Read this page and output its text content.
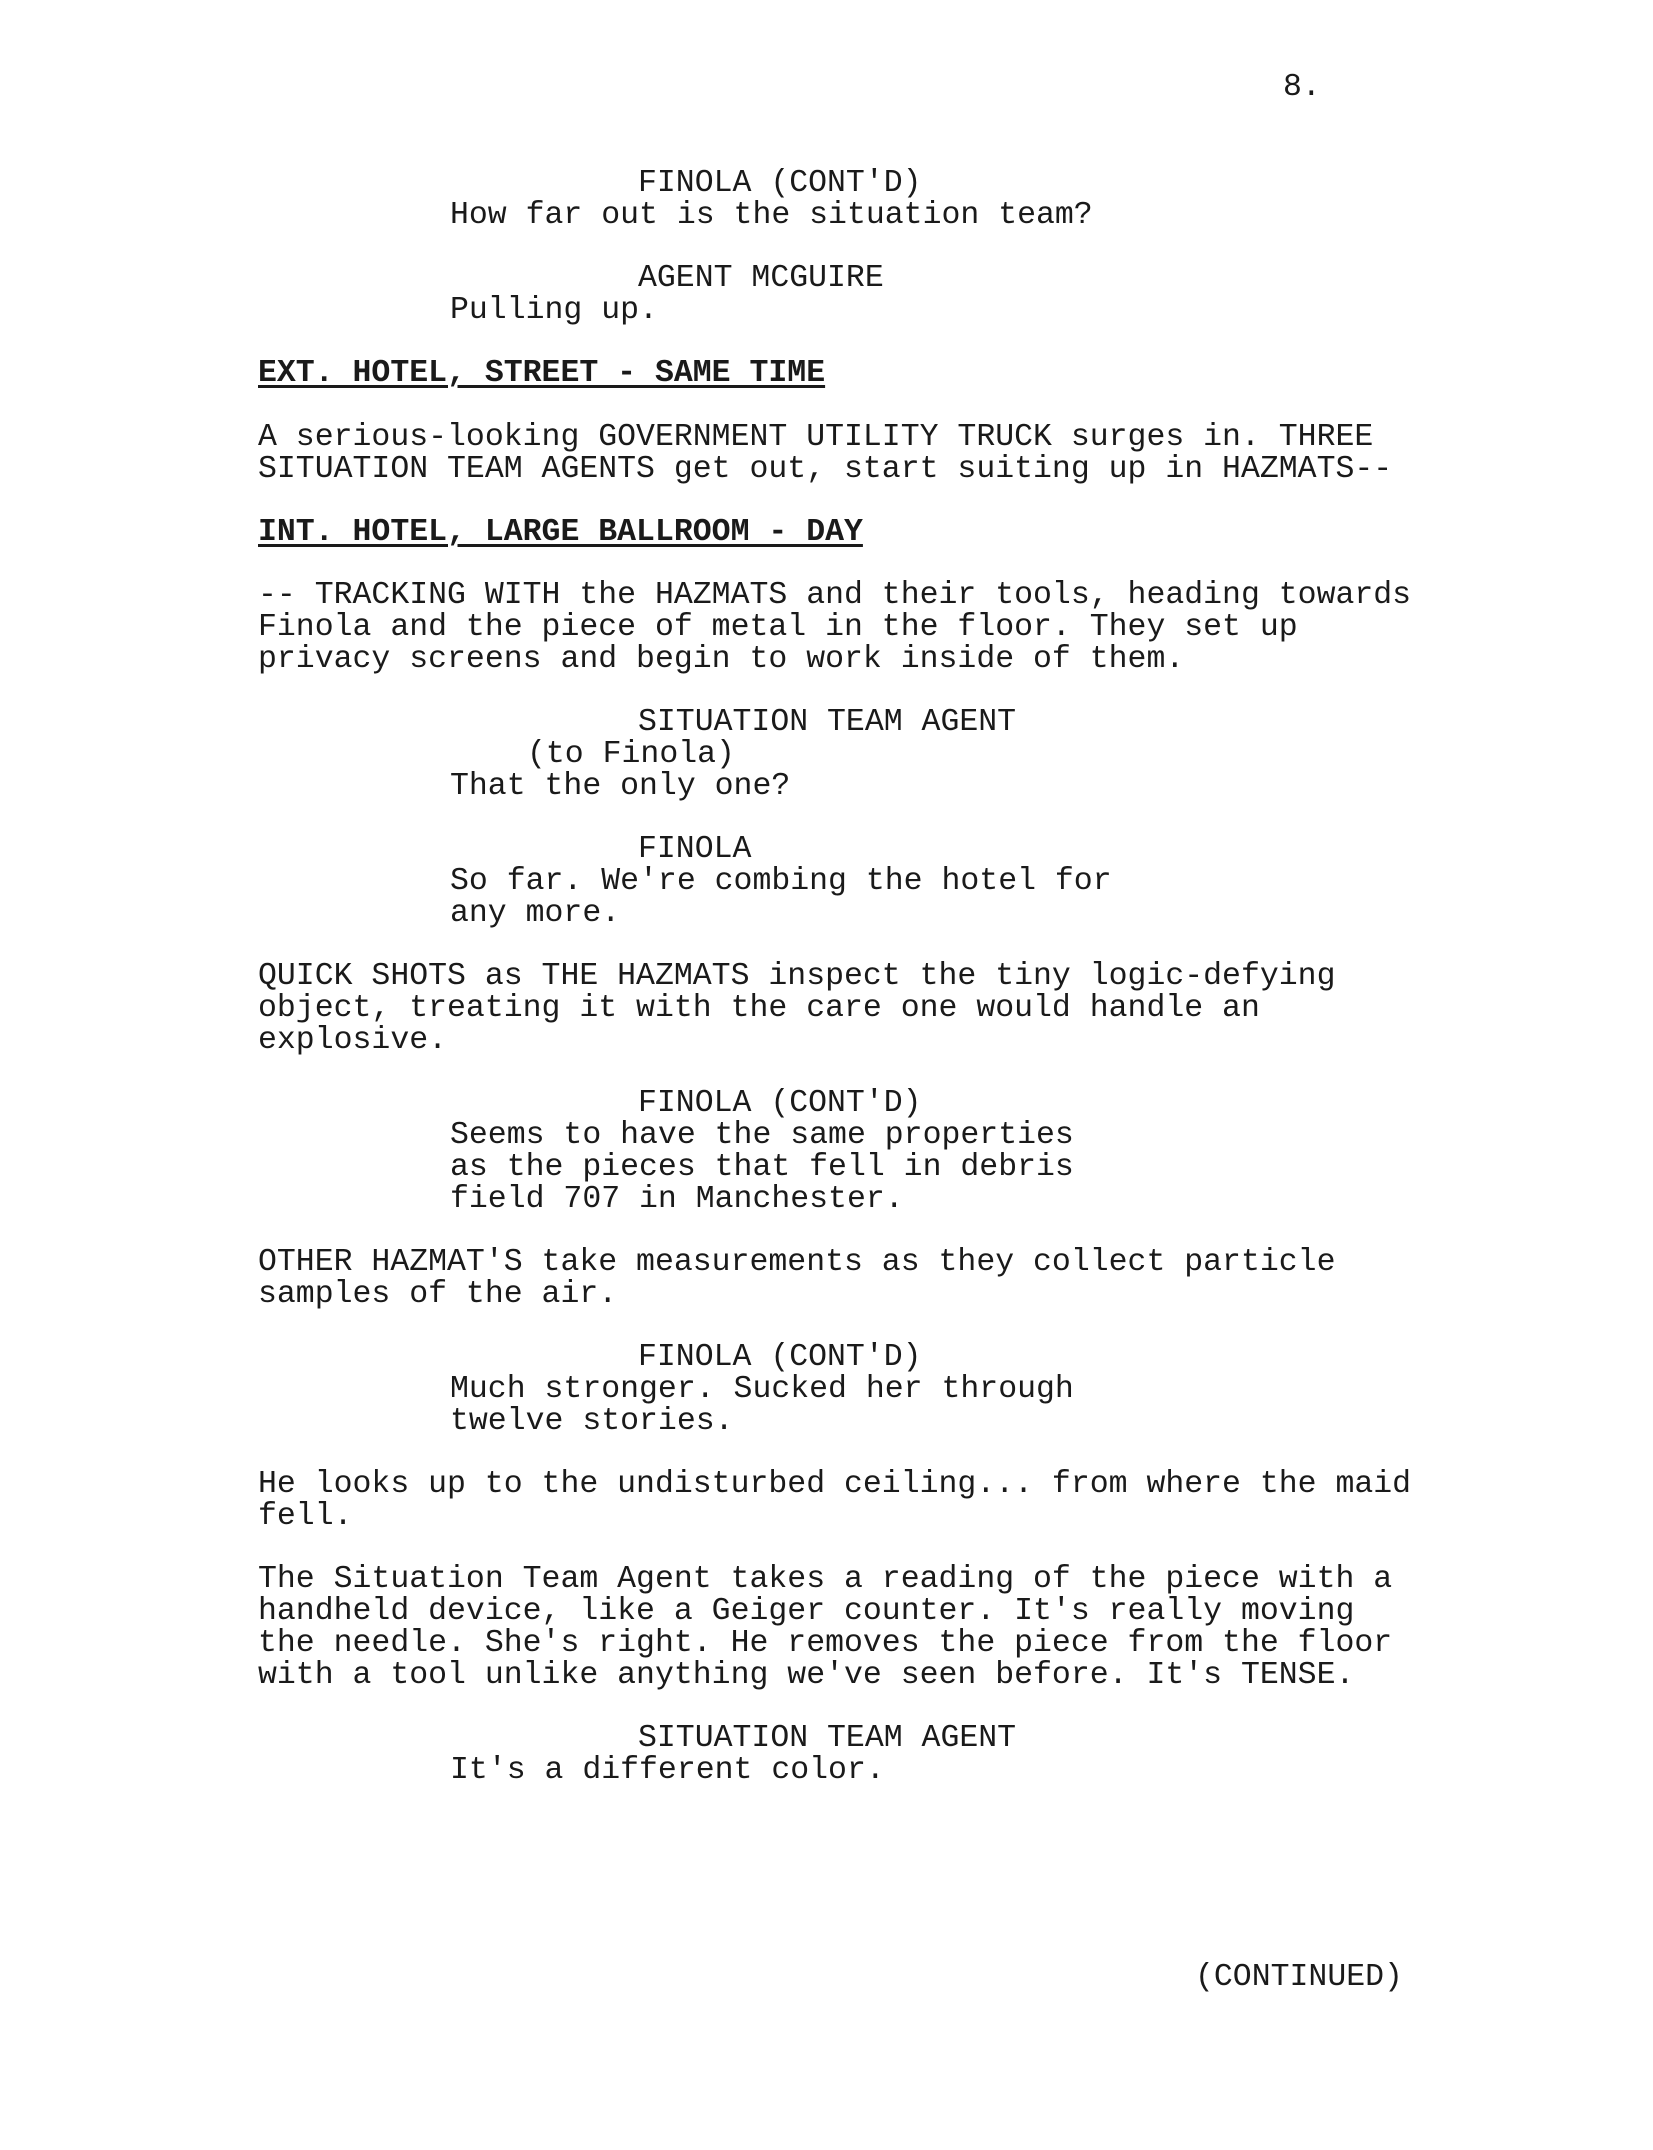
8.
FINOLA (CONT'D)
How far out is the situation team?
AGENT MCGUIRE
Pulling up.
EXT. HOTEL, STREET - SAME TIME
A serious-looking GOVERNMENT UTILITY TRUCK surges in. THREE
SITUATION TEAM AGENTS get out, start suiting up in HAZMATS--
INT. HOTEL, LARGE BALLROOM - DAY
-- TRACKING WITH the HAZMATS and their tools, heading towards
Finola and the piece of metal in the floor. They set up
privacy screens and begin to work inside of them.
SITUATION TEAM AGENT
(to Finola)
That the only one?
FINOLA
So far. We're combing the hotel for
any more.
QUICK SHOTS as THE HAZMATS inspect the tiny logic-defying
object, treating it with the care one would handle an
explosive.
FINOLA (CONT'D)
Seems to have the same properties
as the pieces that fell in debris
field 707 in Manchester.
OTHER HAZMAT'S take measurements as they collect particle
samples of the air.
FINOLA (CONT'D)
Much stronger. Sucked her through
twelve stories.
He looks up to the undisturbed ceiling... from where the maid
fell.
The Situation Team Agent takes a reading of the piece with a
handheld device, like a Geiger counter. It's really moving
the needle. She's right. He removes the piece from the floor
with a tool unlike anything we've seen before. It's TENSE.
SITUATION TEAM AGENT
It's a different color.
(CONTINUED)
